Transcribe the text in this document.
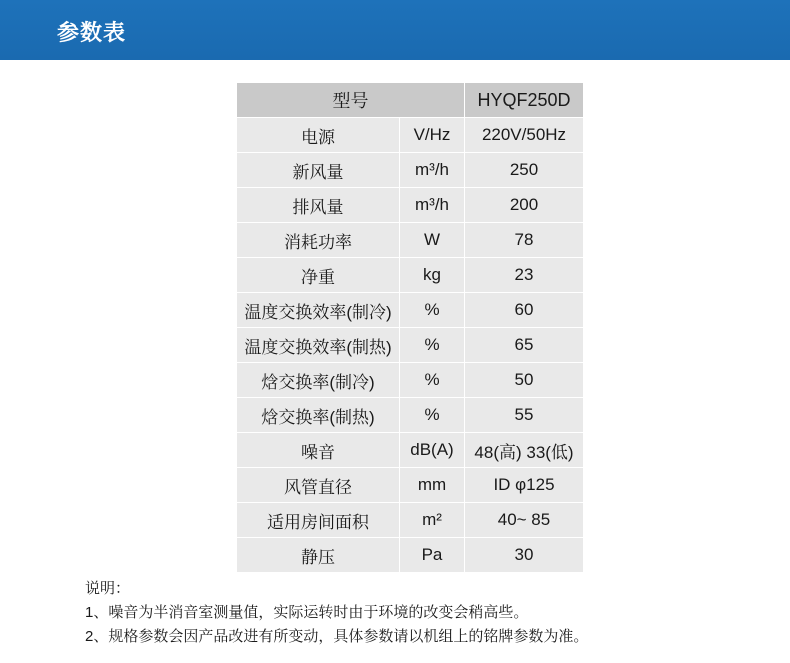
参数表
型号		HYQF250D
电源	V/Hz	220V/50Hz
新风量	m³/h	250
排风量	m³/h	200
消耗功率	W	78
净重	kg	23
温度交换效率(制冷)	%	60
温度交换效率(制热)	%	65
焓交换率(制冷)	%	50
焓交换率(制热)	%	55
噪音	dB(A)	48(高) 33(低)
风管直径	mm	ID φ125
适用房间面积	m²	40~ 85
静压	Pa	30
说明：
1、噪音为半消音室测量值，实际运转时由于环境的改变会稍高些。
2、规格参数会因产品改进有所变动，具体参数请以机组上的铭牌参数为准。
